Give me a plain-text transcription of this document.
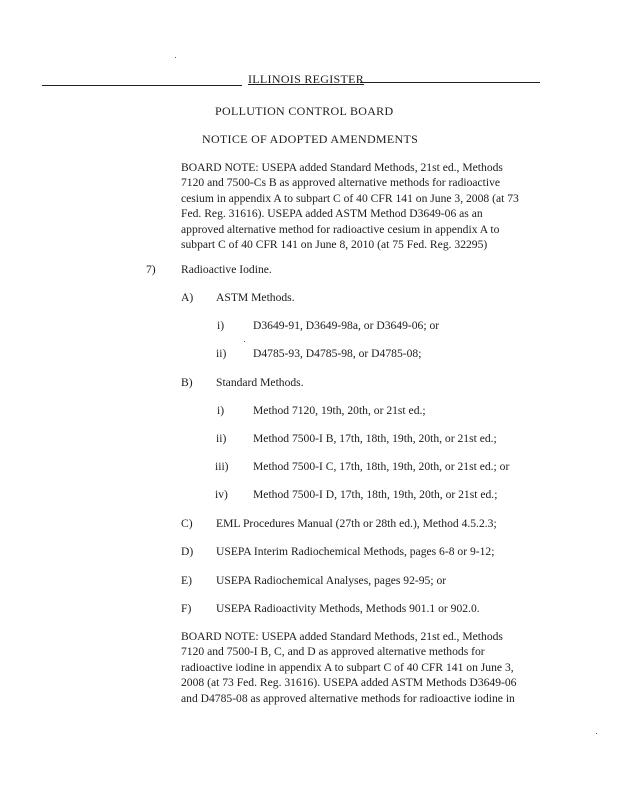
ILLINOIS REGISTER
POLLUTION CONTROL BOARD
NOTICE OF ADOPTED AMENDMENTS
BOARD NOTE: USEPA added Standard Methods, 21st ed., Methods
7120 and 7500-Cs B as approved alternative methods for radioactive
cesium in appendix A to subpart C of 40 CFR 141 on June 3, 2008 (at 73
Fed. Reg. 31616). USEPA added ASTM Method D3649-06 as an
approved alternative method for radioactive cesium in appendix A to
subpart C of 40 CFR 141 on June 8, 2010 (at 75 Fed. Reg. 32295)
7) Radioactive Iodine.
A) ASTM Methods.
i) D3649-91, D3649-98a, or D3649-06; or
ii) D4785-93, D4785-98, or D4785-08;
B) Standard Methods.
i) Method 7120, 19th, 20th, or 21st ed.;
ii) Method 7500-I B, 17th, 18th, 19th, 20th, or 21st ed.;
iii) Method 7500-I C, 17th, 18th, 19th, 20th, or 21st ed.; or
iv) Method 7500-I D, 17th, 18th, 19th, 20th, or 21st ed.;
C) EML Procedures Manual (27th or 28th ed.), Method 4.5.2.3;
D) USEPA Interim Radiochemical Methods, pages 6-8 or 9-12;
E) USEPA Radiochemical Analyses, pages 92-95; or
F) USEPA Radioactivity Methods, Methods 901.1 or 902.0.
BOARD NOTE: USEPA added Standard Methods, 21st ed., Methods
7120 and 7500-I B, C, and D as approved alternative methods for
radioactive iodine in appendix A to subpart C of 40 CFR 141 on June 3,
2008 (at 73 Fed. Reg. 31616). USEPA added ASTM Methods D3649-06
and D4785-08 as approved alternative methods for radioactive iodine in
